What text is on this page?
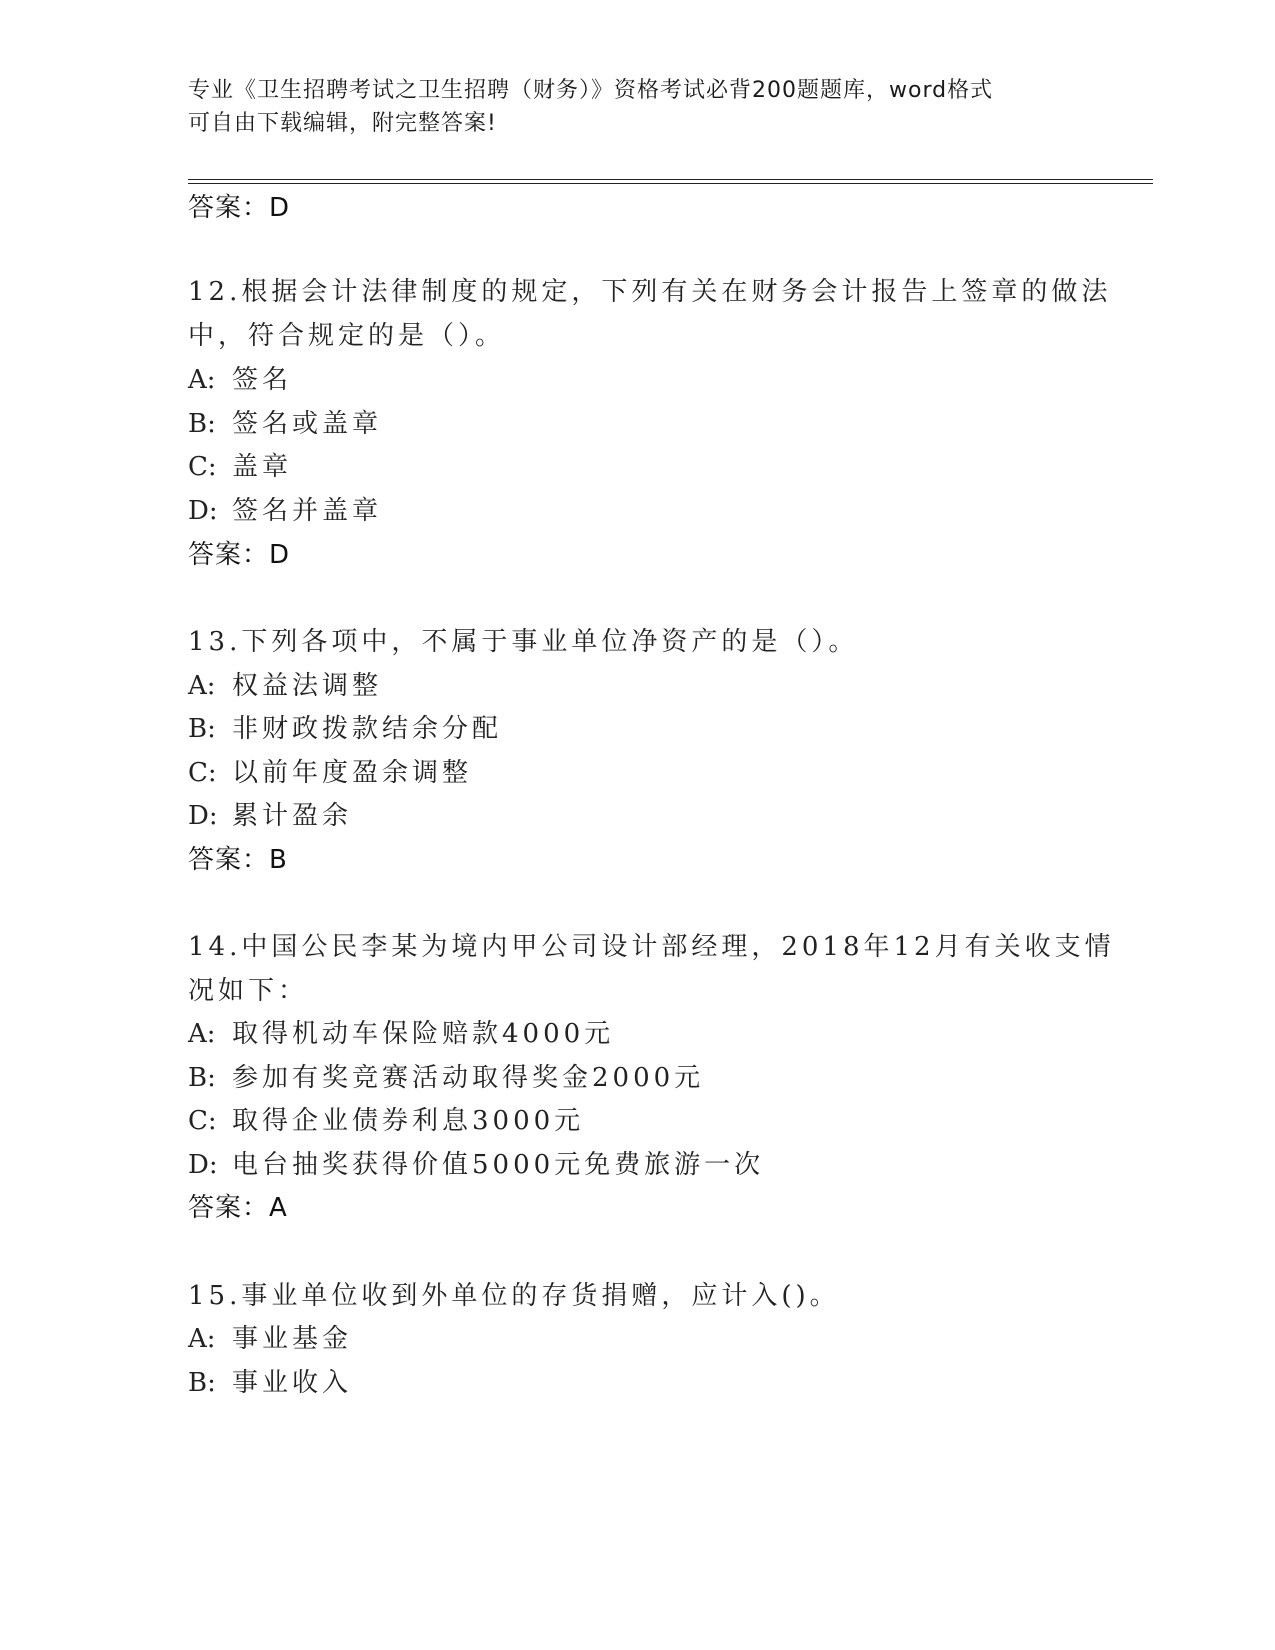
专业《卫生招聘考试之卫生招聘（财务）》资格考试必背200题题库，word格式
可自由下载编辑，附完整答案!
答案：D
12.根据会计法律制度的规定，下列有关在财务会计报告上签章的做法
中，符合规定的是（）。
A: 签名
B: 签名或盖章
C: 盖章
D: 签名并盖章
答案：D
13.下列各项中，不属于事业单位净资产的是（）。
A: 权益法调整
B: 非财政拨款结余分配
C: 以前年度盈余调整
D: 累计盈余
答案：B
14.中国公民李某为境内甲公司设计部经理，2018年12月有关收支情
况如下：
A: 取得机动车保险赔款4000元
B: 参加有奖竞赛活动取得奖金2000元
C: 取得企业债券利息3000元
D: 电台抽奖获得价值5000元免费旅游一次
答案：A
15.事业单位收到外单位的存货捐赠，应计入()。
A: 事业基金
B: 事业收入
